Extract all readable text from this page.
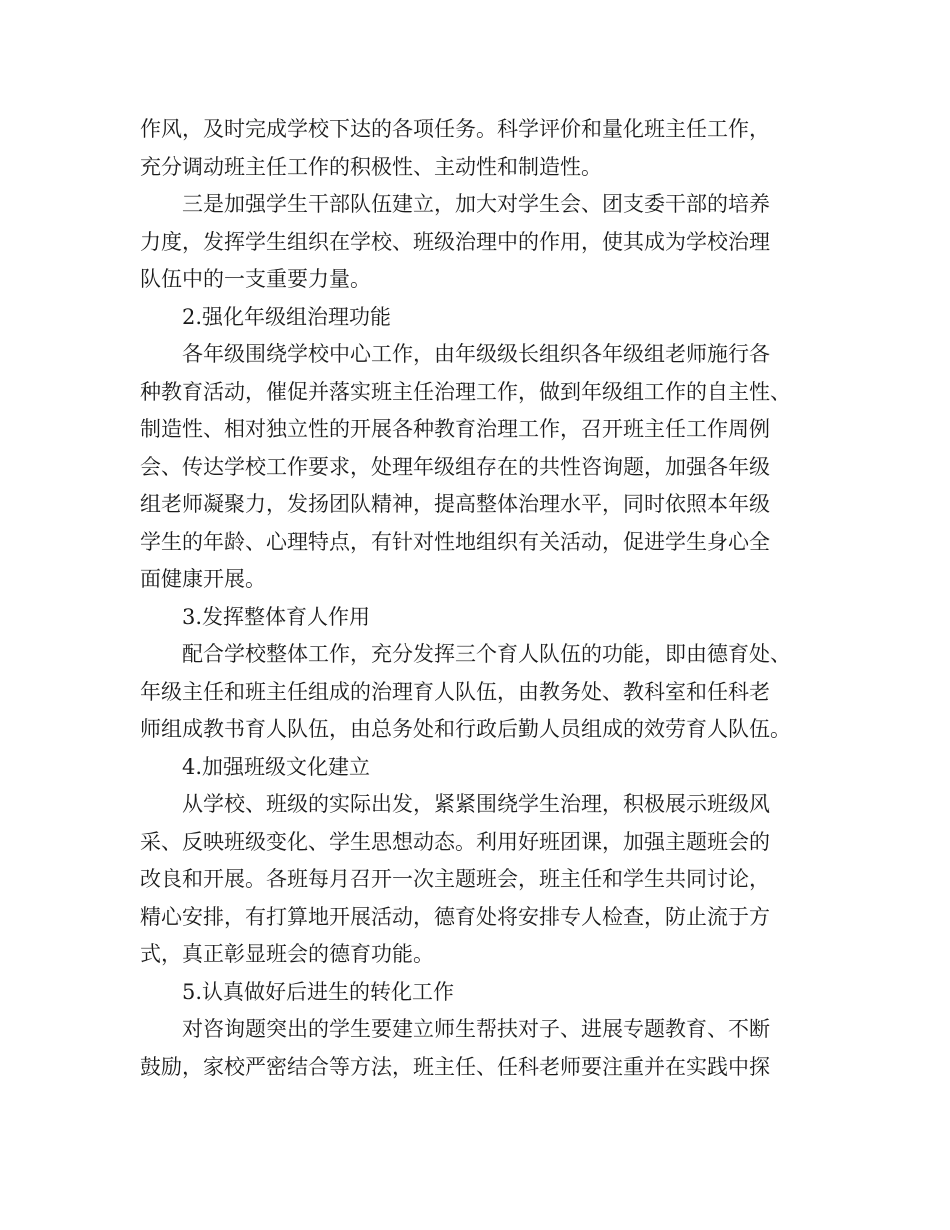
作风，及时完成学校下达的各项任务。科学评价和量化班主任工作，
充分调动班主任工作的积极性、主动性和制造性。
三是加强学生干部队伍建立，加大对学生会、团支委干部的培养
力度，发挥学生组织在学校、班级治理中的作用，使其成为学校治理
队伍中的一支重要力量。
2.强化年级组治理功能
各年级围绕学校中心工作，由年级级长组织各年级组老师施行各
种教育活动，催促并落实班主任治理工作，做到年级组工作的自主性、
制造性、相对独立性的开展各种教育治理工作，召开班主任工作周例
会、传达学校工作要求，处理年级组存在的共性咨询题，加强各年级
组老师凝聚力，发扬团队精神，提高整体治理水平，同时依照本年级
学生的年龄、心理特点，有针对性地组织有关活动，促进学生身心全
面健康开展。
3.发挥整体育人作用
配合学校整体工作，充分发挥三个育人队伍的功能，即由德育处、
年级主任和班主任组成的治理育人队伍，由教务处、教科室和任科老
师组成教书育人队伍，由总务处和行政后勤人员组成的效劳育人队伍。
4.加强班级文化建立
从学校、班级的实际出发，紧紧围绕学生治理，积极展示班级风
采、反映班级变化、学生思想动态。利用好班团课，加强主题班会的
改良和开展。各班每月召开一次主题班会，班主任和学生共同讨论，
精心安排，有打算地开展活动，德育处将安排专人检查，防止流于方
式，真正彰显班会的德育功能。
5.认真做好后进生的转化工作
对咨询题突出的学生要建立师生帮扶对子、进展专题教育、不断
鼓励，家校严密结合等方法，班主任、任科老师要注重并在实践中探
